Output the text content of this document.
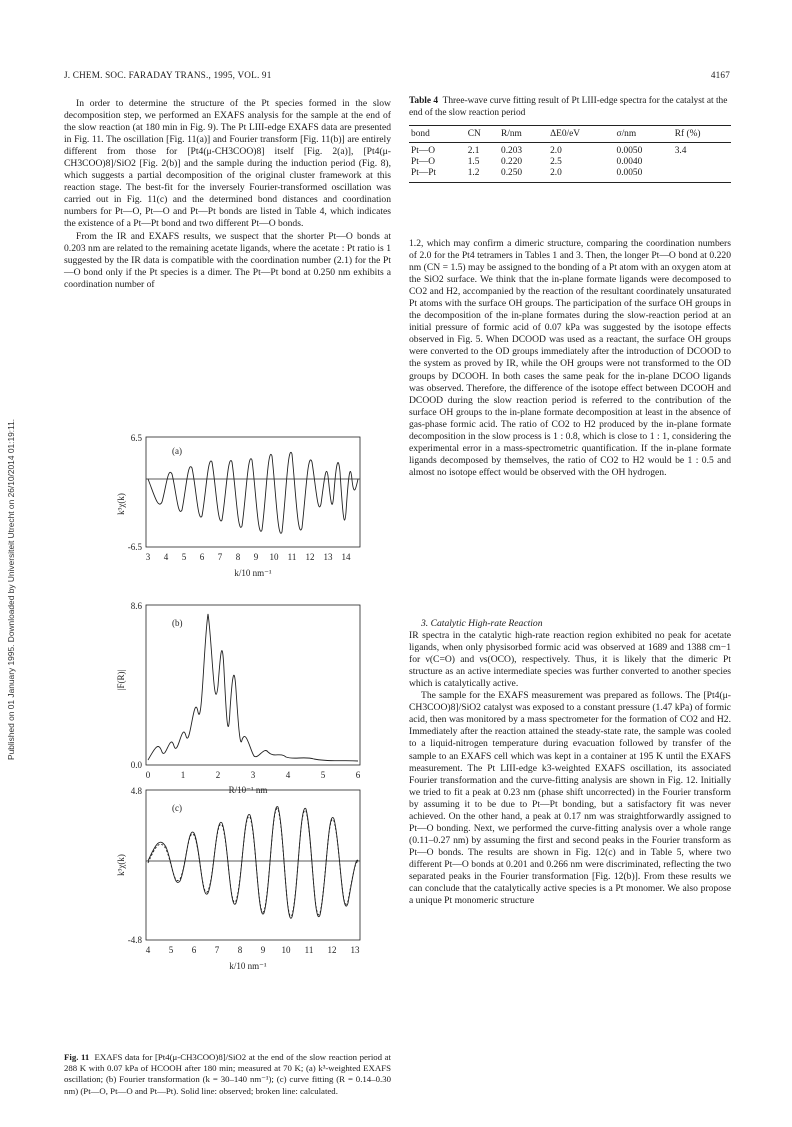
Published on 01 January 1995. Downloaded by Universiteit Utrecht on 26/10/2014 01:19:11.
J. CHEM. SOC. FARADAY TRANS., 1995, VOL. 91	4167

In order to determine the structure of the Pt species formed in the slow decomposition step, we performed an EXAFS analysis for the sample at the end of the slow reaction (at 180 min in Fig. 9). The Pt LIII-edge EXAFS data are presented in Fig. 11. The oscillation [Fig. 11(a)] and Fourier transform [Fig. 11(b)] are entirely different from those for [Pt4(μ-CH3COO)8] itself [Fig. 2(a)], [Pt4(μ-CH3COO)8]/SiO2 [Fig. 2(b)] and the sample during the induction period (Fig. 8), which suggests a partial decomposition of the original cluster framework at this reaction stage. The best-fit for the inversely Fourier-transformed oscillation was carried out in Fig. 11(c) and the determined bond distances and coordination numbers for Pt—O, Pt—O and Pt—Pt bonds are listed in Table 4, which indicates the existence of a Pt—Pt bond and two different Pt—O bonds.

From the IR and EXAFS results, we suspect that the shorter Pt—O bonds at 0.203 nm are related to the remaining acetate ligands, where the acetate : Pt ratio is 1 suggested by the IR data is compatible with the coordination number (2.1) for the Pt—O bond only if the Pt species is a dimer. The Pt—Pt bond at 0.250 nm exhibits a coordination number of

Table 4 Three-wave curve fitting result of Pt LIII-edge spectra for the catalyst at the end of the slow reaction period
bond	CN	R/nm	ΔE0/eV	σ/nm	Rf (%)
Pt—O	2.1	0.203	2.0	0.0050	3.4
Pt—O	1.5	0.220	2.5	0.0040	
Pt—Pt	1.2	0.250	2.0	0.0050	

1.2, which may confirm a dimeric structure, comparing the coordination numbers of 2.0 for the Pt4 tetramers in Tables 1 and 3. Then, the longer Pt—O bond at 0.220 nm (CN = 1.5) may be assigned to the bonding of a Pt atom with an oxygen atom at the SiO2 surface. We think that the in-plane formate ligands were decomposed to CO2 and H2, accompanied by the reaction of the resultant coordinately unsaturated Pt atoms with the surface OH groups. The participation of the surface OH groups in the decomposition of the in-plane formates during the slow-reaction period at an initial pressure of formic acid of 0.07 kPa was suggested by the isotope effects observed in Fig. 5. When DCOOD was used as a reactant, the surface OH groups were converted to the OD groups immediately after the introduction of DCOOD to the system as proved by IR, while the OH groups were not transformed to the OD groups by DCOOH. In both cases the same peak for the in-plane DCOO ligands was observed. Therefore, the difference of the isotope effect between DCOOH and DCOOD during the slow reaction period is referred to the contribution of the surface OH groups to the in-plane formate decomposition at least in the absence of gas-phase formic acid. The ratio of CO2 to H2 produced by the in-plane formate decomposition in the slow process is 1 : 0.8, which is close to 1 : 1, considering the experimental error in a mass-spectrometric quantification. If the in-plane formate ligands decomposed by themselves, the ratio of CO2 to H2 would be 1 : 0.5 and almost no isotope effect would be observed with the OH hydrogen.

3. Catalytic High-rate Reaction

IR spectra in the catalytic high-rate reaction region exhibited no peak for acetate ligands, when only physisorbed formic acid was observed at 1689 and 1388 cm−1 for ν(C=O) and νs(OCO), respectively. Thus, it is likely that the dimeric Pt structure as an active intermediate species was further converted to another species which is catalytically active.

The sample for the EXAFS measurement was prepared as follows. The [Pt4(μ-CH3COO)8]/SiO2 catalyst was exposed to a constant pressure (1.47 kPa) of formic acid, then was monitored by a mass spectrometer for the formation of CO2 and H2. Immediately after the reaction attained the steady-state rate, the sample was cooled to a liquid-nitrogen temperature during evacuation followed by transfer of the sample to an EXAFS cell which was kept in a container at 195 K until the EXAFS measurement. The Pt LIII-edge k3-weighted EXAFS oscillation, its associated Fourier transformation and the curve-fitting analysis are shown in Fig. 12. Initially we tried to fit a peak at 0.23 nm (phase shift uncorrected) in the Fourier transform by assuming it to be due to Pt—Pt bonding, but a satisfactory fit was never achieved. On the other hand, a peak at 0.17 nm was straightforwardly assigned to Pt—O bonding. Next, we performed the curve-fitting analysis over a whole range (0.11–0.27 nm) by assuming the first and second peaks in the Fourier transform as Pt—O bonds. The results are shown in Fig. 12(c) and in Table 5, where two different Pt—O bonds at 0.201 and 0.266 nm were discriminated, reflecting the two separated peaks in the Fourier transformation [Fig. 12(b)]. From these results we can conclude that the catalytically active species is a Pt monomer. We also propose a unique Pt monomeric structure

6.5
-6.5
(a)
k³χ(k)
k/10 nm⁻¹
3 4 5 6 7 8 9 10 11 12 13 14
8.6
0.0
(b)
|F(R)|
R/10⁻¹ nm
0	1	2	3	4	5	6
4.8
-4.8
(c)
k³χ(k)
k/10 nm⁻¹
4 5 6 7 8 9 10 11 12 13
Fig. 11 EXAFS data for [Pt4(μ-CH3COO)8]/SiO2 at the end of the slow reaction period at 288 K with 0.07 kPa of HCOOH after 180 min; measured at 70 K; (a) k³-weighted EXAFS oscillation; (b) Fourier transformation (k = 30–140 nm⁻¹); (c) curve fitting (R = 0.14–0.30 nm) (Pt—O, Pt—O and Pt—Pt). Solid line: observed; broken line: calculated.
